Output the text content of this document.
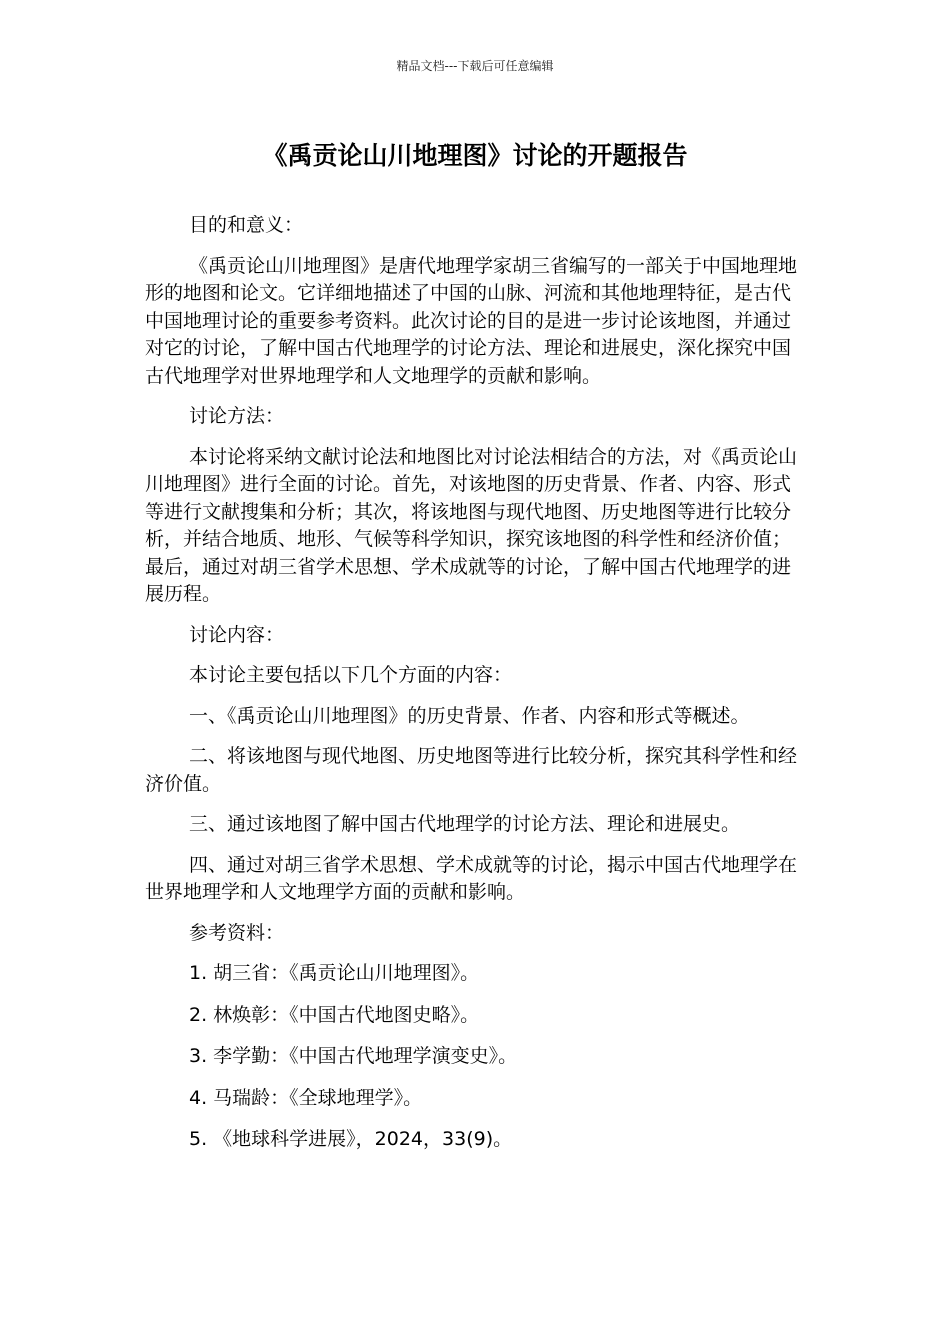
精品文档---下载后可任意编辑
《禹贡论山川地理图》讨论的开题报告
目的和意义：

《禹贡论山川地理图》是唐代地理学家胡三省编写的一部关于中国地理地形的地图和论文。它详细地描述了中国的山脉、河流和其他地理特征，是古代中国地理讨论的重要参考资料。此次讨论的目的是进一步讨论该地图，并通过对它的讨论，了解中国古代地理学的讨论方法、理论和进展史，深化探究中国古代地理学对世界地理学和人文地理学的贡献和影响。

讨论方法：

本讨论将采纳文献讨论法和地图比对讨论法相结合的方法，对《禹贡论山川地理图》进行全面的讨论。首先，对该地图的历史背景、作者、内容、形式等进行文献搜集和分析；其次，将该地图与现代地图、历史地图等进行比较分析，并结合地质、地形、气候等科学知识，探究该地图的科学性和经济价值；最后，通过对胡三省学术思想、学术成就等的讨论，了解中国古代地理学的进展历程。

讨论内容：

本讨论主要包括以下几个方面的内容：

一、《禹贡论山川地理图》的历史背景、作者、内容和形式等概述。

二、将该地图与现代地图、历史地图等进行比较分析，探究其科学性和经济价值。

三、通过该地图了解中国古代地理学的讨论方法、理论和进展史。

四、通过对胡三省学术思想、学术成就等的讨论，揭示中国古代地理学在世界地理学和人文地理学方面的贡献和影响。

参考资料：
1. 胡三省：《禹贡论山川地理图》。
2. 林焕彰：《中国古代地图史略》。
3. 李学勤：《中国古代地理学演变史》。
4. 马瑞龄：《全球地理学》。
5. 《地球科学进展》，2024，33(9)。
